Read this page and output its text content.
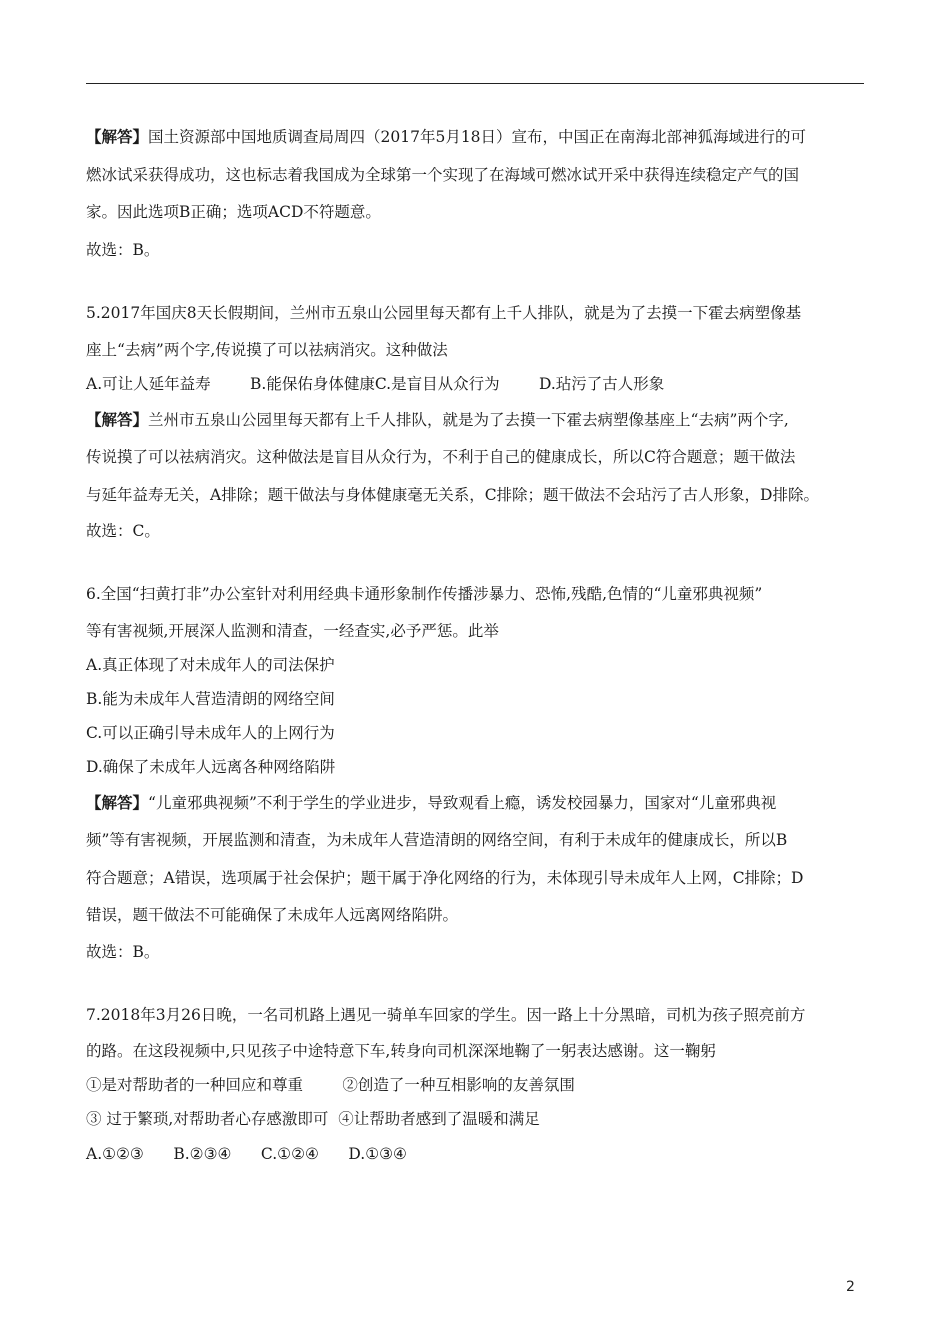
【解答】国土资源部中国地质调查局周四（2017年5月18日）宣布，中国正在南海北部神狐海域进行的可

燃冰试采获得成功，这也标志着我国成为全球第一个实现了在海域可燃冰试开采中获得连续稳定产气的国

家。因此选项B正确；选项ACD不符题意。

故选：B。

5.2017年国庆8天长假期间，兰州市五泉山公园里每天都有上千人排队，就是为了去摸一下霍去病塑像基

座上“去病”两个字,传说摸了可以祛病消灾。这种做法

A.可让人延年益寿        B.能保佑身体健康C.是盲目从众行为        D.玷污了古人形象

【解答】兰州市五泉山公园里每天都有上千人排队，就是为了去摸一下霍去病塑像基座上“去病”两个字,

传说摸了可以祛病消灾。这种做法是盲目从众行为，不利于自己的健康成长，所以C符合题意；题干做法

与延年益寿无关，A排除；题干做法与身体健康毫无关系，C排除；题干做法不会玷污了古人形象，D排除。

故选：C。

6.全国“扫黄打非”办公室针对利用经典卡通形象制作传播涉暴力、恐怖,残酷,色情的“儿童邪典视频”

等有害视频,开展深人监测和清查，一经查实,必予严惩。此举

A.真正体现了对未成年人的司法保护

B.能为未成年人营造清朗的网络空间

C.可以正确引导未成年人的上网行为

D.确保了未成年人远离各种网络陷阱

【解答】“儿童邪典视频”不利于学生的学业进步，导致观看上瘾，诱发校园暴力，国家对“儿童邪典视

频”等有害视频，开展监测和清查，为未成年人营造清朗的网络空间，有利于未成年的健康成长，所以B

符合题意；A错误，选项属于社会保护；题干属于净化网络的行为，未体现引导未成年人上网，C排除；D

错误，题干做法不可能确保了未成年人远离网络陷阱。

故选：B。

7.2018年3月26日晚，一名司机路上遇见一骑单车回家的学生。因一路上十分黑暗，司机为孩子照亮前方

的路。在这段视频中,只见孩子中途特意下车,转身向司机深深地鞠了一躬表达感谢。这一鞠躬

①是对帮助者的一种回应和尊重        ②创造了一种互相影响的友善氛围

③ 过于繁琐,对帮助者心存感激即可  ④让帮助者感到了温暖和满足

A.①②③      B.②③④      C.①②④      D.①③④

2
